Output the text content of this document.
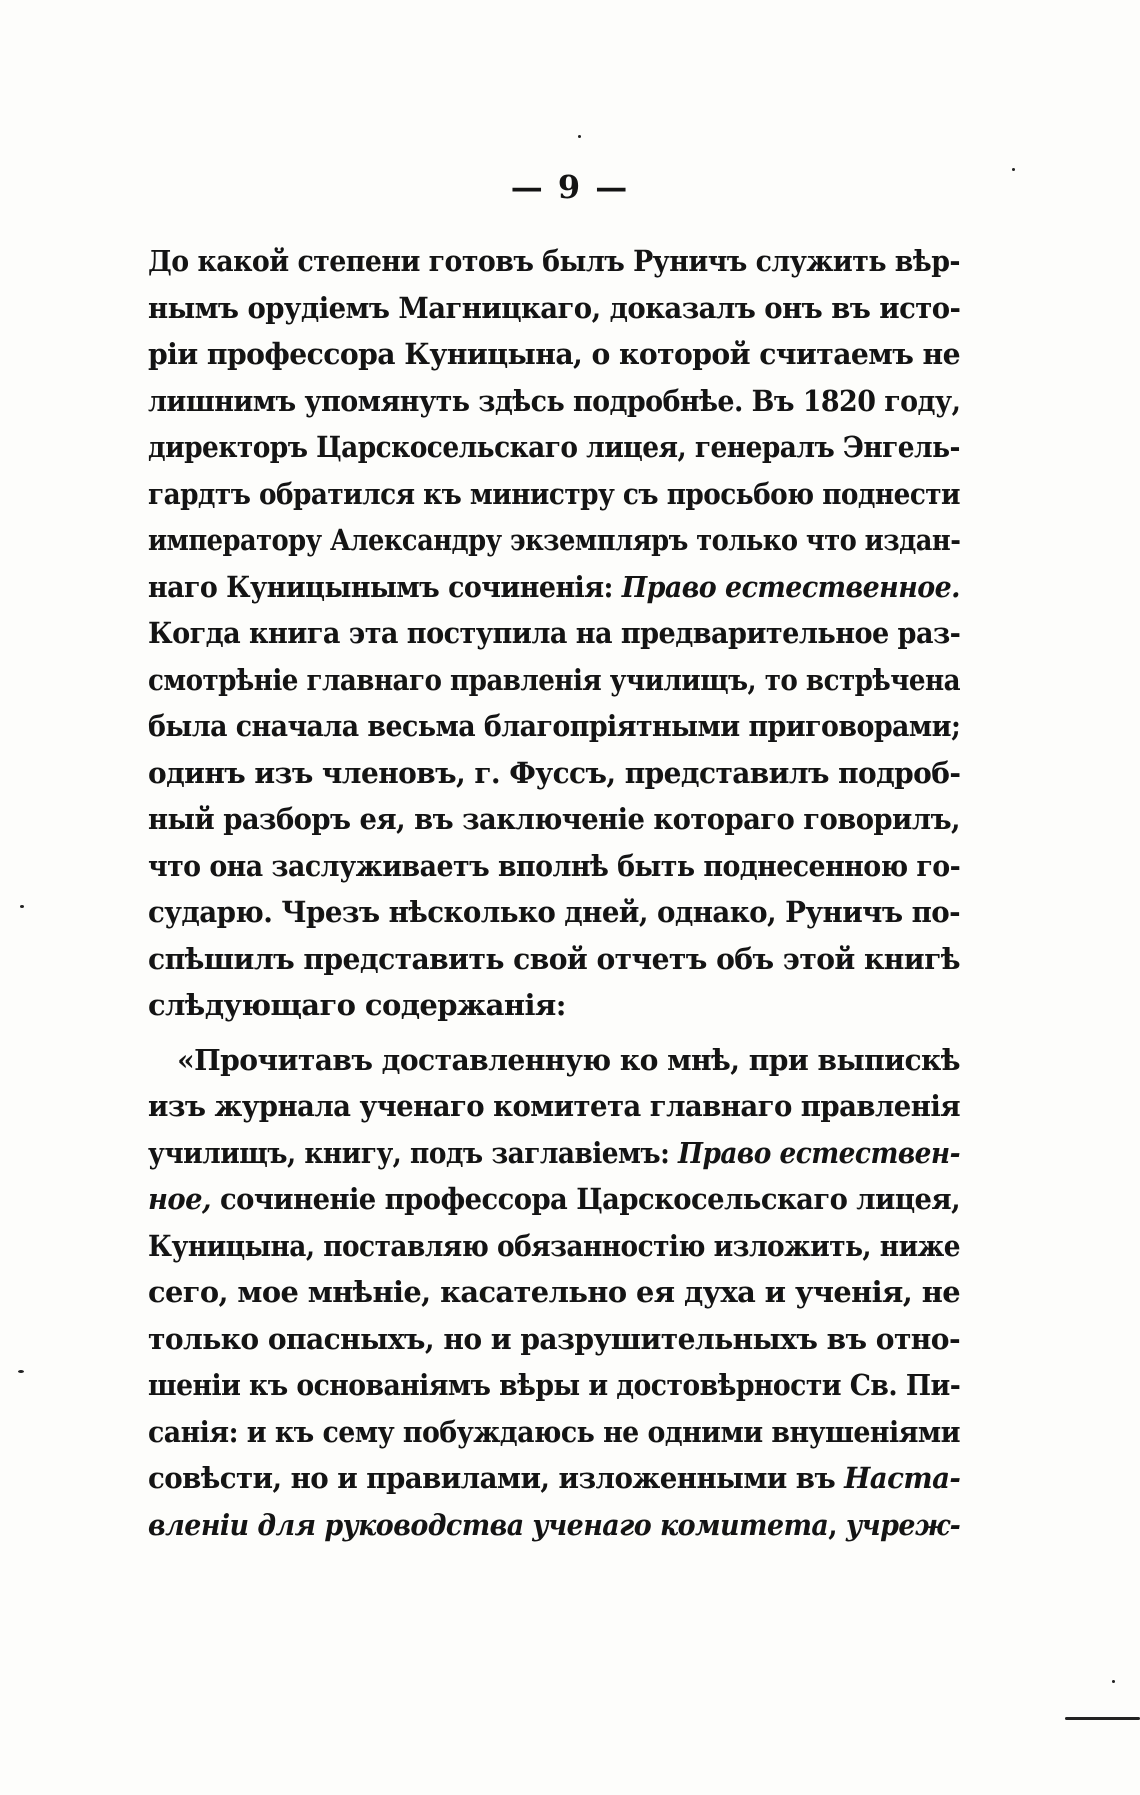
— 9 —
До какой степени готовъ былъ Руничъ служить вѣр-
нымъ орудіемъ Магницкаго, доказалъ онъ въ исто-
ріи профессора Куницына, о которой считаемъ не
лишнимъ упомянуть здѣсь подробнѣе. Въ 1820 году,
директоръ Царскосельскаго лицея, генералъ Энгель-
гардтъ обратился къ министру съ просьбою поднести
императору Александру экземпляръ только что издан-
наго Куницынымъ сочиненія: Право естественное.
Когда книга эта поступила на предварительное раз-
смотрѣніе главнаго правленія училищъ, то встрѣчена
была сначала весьма благопріятными приговорами;
одинъ изъ членовъ, г. Фуссъ, представилъ подроб-
ный разборъ ея, въ заключеніе котораго говорилъ,
что она заслуживаетъ вполнѣ быть поднесенною го-
сударю. Чрезъ нѣсколько дней, однако, Руничъ по-
спѣшилъ представить свой отчетъ объ этой книгѣ
слѣдующаго содержанія:
«Прочитавъ доставленную ко мнѣ, при выпискѣ
изъ журнала ученаго комитета главнаго правленія
училищъ, книгу, подъ заглавіемъ: Право естествен-
ное, сочиненіе профессора Царскосельскаго лицея,
Куницына, поставляю обязанностію изложить, ниже
сего, мое мнѣніе, касательно ея духа и ученія, не
только опасныхъ, но и разрушительныхъ въ отно-
шеніи къ основаніямъ вѣры и достовѣрности Св. Пи-
санія: и къ сему побуждаюсь не одними внушеніями
совѣсти, но и правилами, изложенными въ Наста-
вленіи для руководства ученаго комитета, учреж-
